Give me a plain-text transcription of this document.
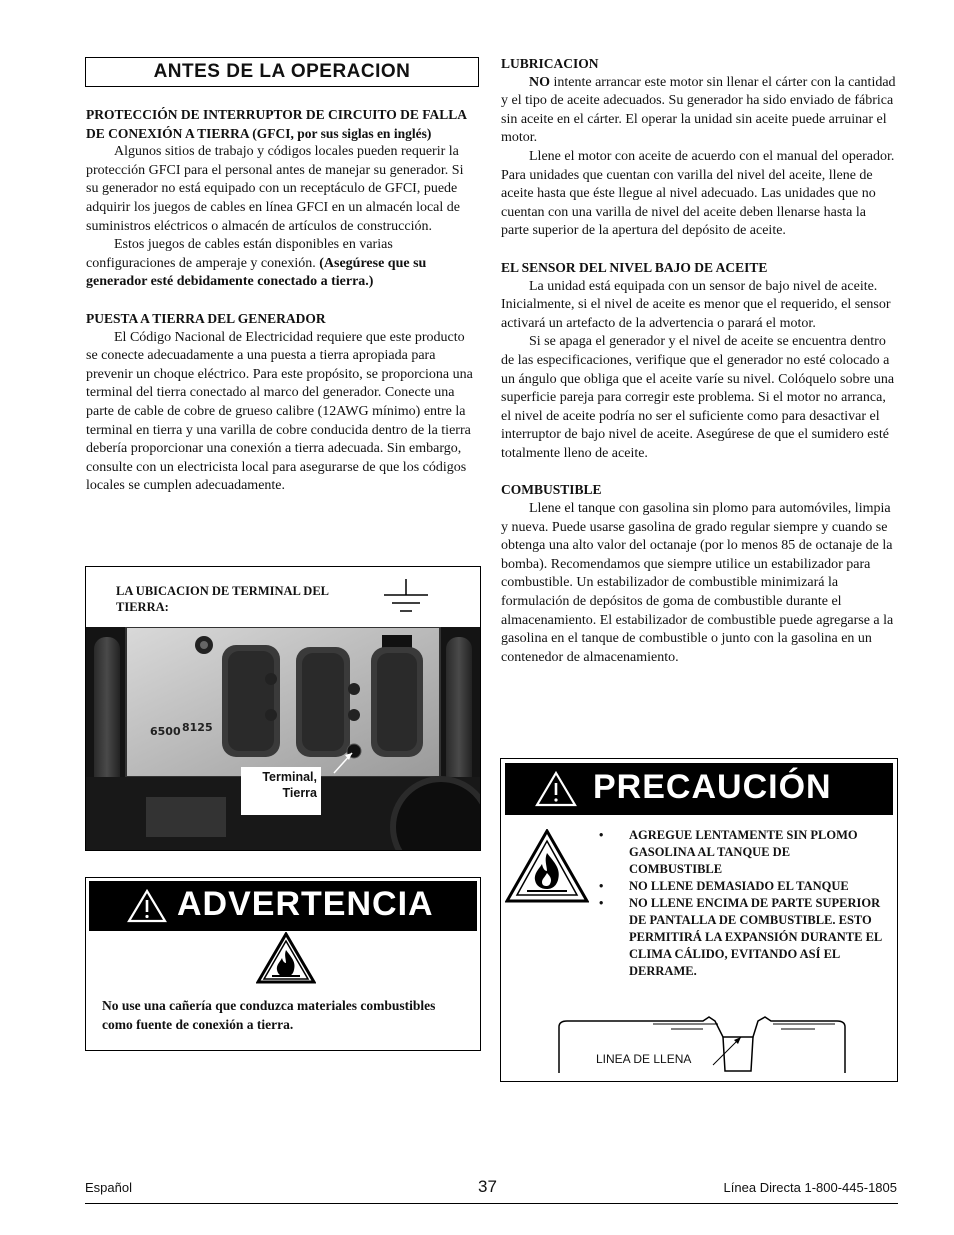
ANTES DE LA OPERACION
PROTECCIÓN DE INTERRUPTOR DE CIRCUITO DE FALLA DE CONEXIÓN A TIERRA (GFCI, por sus siglas en inglés)
Algunos sitios de trabajo y códigos locales pueden requerir la protección GFCI para el personal antes de manejar su generador. Si su generador no está equipado con un receptáculo de GFCI, puede adquirir los juegos de cables en línea GFCI en un almacén local de suministros eléctricos o almacén de artículos de construcción.
Estos juegos de cables están disponibles en varias configuraciones de amperaje y conexión. (Asegúrese que su generador esté debidamente conectado a tierra.)
PUESTA A TIERRA DEL GENERADOR
El Código Nacional de Electricidad requiere que este producto se conecte adecuadamente a una puesta a tierra apropiada para prevenir un choque eléctrico. Para este propósito, se proporciona una terminal del tierra conectado al marco del generador. Conecte una parte de cable de cobre de grueso calibre (12AWG mínimo) entre la terminal en tierra y una varilla de cobre conducida dentro de la tierra debería proporcionar una conexión a tierra adecuada. Sin embargo, consulte con un electricista local para asegurarse de que los códigos locales se cumplen adecuadamente.
LA UBICACION DE TERMINAL DEL TIERRA:
6500 8125
Terminal,
Tierra
ADVERTENCIA
No use una cañería que conduzca materiales combustibles como fuente de conexión a tierra.
LUBRICACION
NO intente arrancar este motor sin llenar el cárter con la cantidad y el tipo de aceite adecuados. Su generador ha sido enviado de fábrica sin aceite en el cárter. El operar la unidad sin aceite puede arruinar el motor.
Llene el motor con aceite de acuerdo con el manual del operador. Para unidades que cuentan con varilla del nivel del aceite, llene de aceite hasta que éste llegue al nivel adecuado. Las unidades que no cuentan con una varilla de nivel del aceite deben llenarse hasta la parte superior de la apertura del depósito de aceite.
EL SENSOR DEL NIVEL BAJO DE ACEITE
La unidad está equipada con un sensor de bajo nivel de aceite. Inicialmente, si el nivel de aceite es menor que el requerido, el sensor activará un artefacto de la advertencia o parará el motor.
Si se apaga el generador y el nivel de aceite se encuentra dentro de las especificaciones, verifique que el generador no esté colocado a un ángulo que obliga que el aceite varíe su nivel. Colóquelo sobre una superficie pareja para corregir este problema. Si el motor no arranca, el nivel de aceite podría no ser el suficiente como para desactivar el interruptor de bajo nivel de aceite. Asegúrese de que el sumidero esté totalmente lleno de aceite.
COMBUSTIBLE
Llene el tanque con gasolina sin plomo para automóviles, limpia y nueva. Puede usarse gasolina de grado regular siempre y cuando se obtenga una alto valor del octanaje (por lo menos 85 de octanaje de la bomba). Recomendamos que siempre utilice un estabilizador para combustible. Un estabilizador de combustible minimizará la formulación de depósitos de goma de combustible durante el almacenamiento. El estabilizador de combustible puede agregarse a la gasolina en el tanque de combustible o junto con la gasolina en un contenedor de almacenamiento.
PRECAUCIÓN
• AGREGUE LENTAMENTE SIN PLOMO GASOLINA AL TANQUE DE COMBUSTIBLE
• NO LLENE DEMASIADO EL TANQUE
• NO LLENE ENCIMA DE PARTE SUPERIOR DE PANTALLA DE COMBUSTIBLE. ESTO PERMITIRÁ LA EXPANSIÓN DURANTE EL CLIMA CÁLIDO, EVITANDO ASÍ EL DERRAME.
LINEA DE LLENA
Español	37	Línea Directa 1-800-445-1805
